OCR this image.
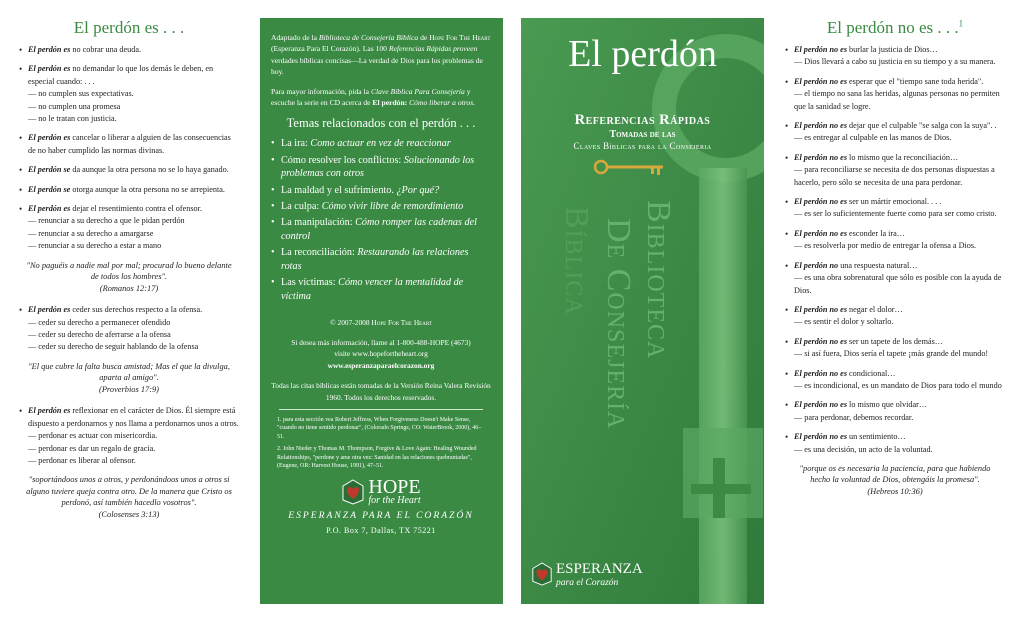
El perdón es . . .
• El perdón es no cobrar una deuda.
• El perdón es no demandar lo que los demás le deben, en especial cuando: . . .
— no cumplen sus expectativas.
— no cumplen una promesa
— no le tratan con justicia.
• El perdón es cancelar o liberar a alguien de las consecuencias de no haber cumplido las normas divinas.
• El perdón se da aunque la otra persona no se lo haya ganado.
• El perdón se otorga aunque la otra persona no se arrepienta.
• El perdón es dejar el resentimiento contra el ofensor.
— renunciar a su derecho a que le pidan perdón
— renunciar a su derecho a amargarse
— renunciar a su derecho a estar a mano
"No paguéis a nadie mal por mal; procurad lo bueno delante de todos los hombres".
(Romanos 12:17)
• El perdón es ceder sus derechos respecto a la ofensa.
— ceder su derecho a permanecer ofendido
— ceder su derecho de aferrarse a la ofensa
— ceder su derecho de seguir hablando de la ofensa
"El que cubre la falta busca amistad; Mas el que la divulga, aparta al amigo".
(Proverbios 17:9)
• El perdón es reflexionar en el carácter de Dios. Él siempre está dispuesto a perdonarnos y nos llama a perdonarnos unos a otros.
— perdonar es actuar con misericordia.
— perdonar es dar un regalo de gracia.
— perdonar es liberar al ofensor.
"soportándoos unos a otros, y perdonándoos unos a otros si alguno tuviere queja contra otro. De la manera que Cristo os perdonó, así también hacedlo vosotros".
(Colosenses 3:13)
Adaptado de la Biblioteca de Consejería Bíblica de Hope For The Heart (Esperanza Para El Corazón). Las 100 Referencias Rápidas proveen verdades bíblicas concisas—La verdad de Dios para los problemas de hoy.
Para mayor información, pida la Clave Bíblica Para Consejería y escuche la serie en CD acerca de El perdón: Cómo liberar a otros.
Temas relacionados con el perdón . . .
• La ira: Como actuar en vez de reaccionar
• Cómo resolver los conflictos: Solucionando los problemas con otros
• La maldad y el sufrimiento. ¿Por qué?
• La culpa: Cómo vivir libre de remordimiento
• La manipulación: Cómo romper las cadenas del control
• La reconciliación: Restaurando las relaciones rotas
• Las víctimas: Cómo vencer la mentalidad de víctima
© 2007-2008 Hope For The Heart
Si desea más información, llame al 1-800-488-HOPE (4673)
visite www.hopefortheheart.org
www.esperanzaparaelcorazon.org
Todas las citas bíblicas están tomadas de la Versión Reina Valera Revisión 1960. Todos los derechos reservados.
1. para esta sección vea Robert Jeffress, When Forgiveness Doesn't Make Sense, "cuando no tiene sentido perdonar", (Colorado Springs, CO: WaterBrook, 2000), 46–51.
2. John Nieder y Thomas M. Thompson, Forgive & Love Again: Healing Wounded Relationships, "perdone y ame otra vez: Sanidad en las relaciones quebrantadas", (Eugene, OR: Harvest House, 1991), 47–51.
HOPE
for the Heart
ESPERANZA PARA EL CORAZÓN
P.O. Box 7, Dallas, TX 75221
El perdón
Referencias Rápidas
Tomadas de las
Claves Bíblicas para la Consejeria
Biblioteca
De Consejería
Bíblica
ESPERANZA
para el Corazón
El perdón no es . . .$^1$
• El perdón no es burlar la justicia de Dios…
— Dios llevará a cabo su justicia en su tiempo y a su manera.
• El perdón no es esperar que el "tiempo sane toda herida".
— el tiempo no sana las heridas, algunas personas no permiten que la sanidad se logre.
• El perdón no es dejar que el culpable "se salga con la suya". .
— es entregar al culpable en las manos de Dios.
• El perdón no es lo mismo que la reconciliación…
— para reconciliarse se necesita de dos personas dispuestas a hacerlo, pero sólo se necesita de una para perdonar.
• El perdón no es ser un mártir emocional. . . .
— es ser lo suficientemente fuerte como para ser como cristo.
• El perdón no es esconder la ira…
— es resolverla por medio de entregar la ofensa a Dios.
• El perdón no una respuesta natural…
— es una obra sobrenatural que sólo es posible con la ayuda de Dios.
• El perdón no es negar el dolor…
— es sentir el dolor y soltarlo.
• El perdón no es ser un tapete de los demás…
— si así fuera, Dios sería el tapete ¡más grande del mundo!
• El perdón no es condicional…
— es incondicional, es un mandato de Dios para todo el mundo
• El perdón no es lo mismo que olvidar…
— para perdonar, debemos recordar.
• El perdón no es un sentimiento…
— es una decisión, un acto de la voluntad.
"porque os es necesaria la paciencia, para que habiendo hecho la voluntad de Dios, obtengáis la promesa".
(Hebreos 10:36)
